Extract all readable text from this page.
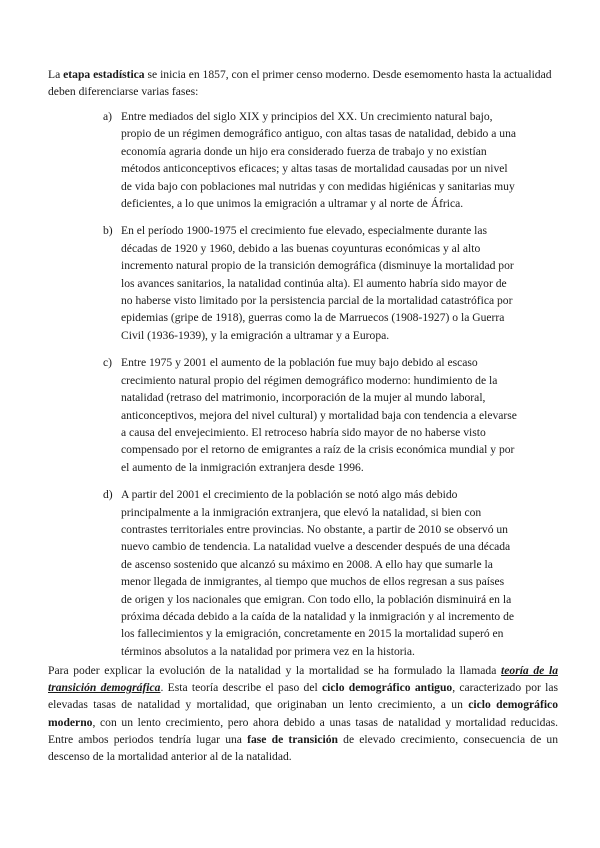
La etapa estadística se inicia en 1857, con el primer censo moderno. Desde esemomento hasta la actualidad deben diferenciarse varias fases:

a) Entre mediados del siglo XIX y principios del XX. Un crecimiento natural bajo, propio de un régimen demográfico antiguo, con altas tasas de natalidad, debido a una economía agraria donde un hijo era considerado fuerza de trabajo y no existían métodos anticonceptivos eficaces; y altas tasas de mortalidad causadas por un nivel de vida bajo con poblaciones mal nutridas y con medidas higiénicas y sanitarias muy deficientes, a lo que unimos la emigración a ultramar y al norte de África.

b) En el período 1900-1975 el crecimiento fue elevado, especialmente durante las décadas de 1920 y 1960, debido a las buenas coyunturas económicas y al alto incremento natural propio de la transición demográfica (disminuye la mortalidad por los avances sanitarios, la natalidad continúa alta). El aumento habría sido mayor de no haberse visto limitado por la persistencia parcial de la mortalidad catastrófica por epidemias (gripe de 1918), guerras como la de Marruecos (1908-1927) o la Guerra Civil (1936-1939), y la emigración a ultramar y a Europa.

c) Entre 1975 y 2001 el aumento de la población fue muy bajo debido al escaso crecimiento natural propio del régimen demográfico moderno: hundimiento de la natalidad (retraso del matrimonio, incorporación de la mujer al mundo laboral, anticonceptivos, mejora del nivel cultural) y mortalidad baja con tendencia a elevarse a causa del envejecimiento. El retroceso habría sido mayor de no haberse visto compensado por el retorno de emigrantes a raíz de la crisis económica mundial y por el aumento de la inmigración extranjera desde 1996.

d) A partir del 2001 el crecimiento de la población se notó algo más debido principalmente a la inmigración extranjera, que elevó la natalidad, si bien con contrastes territoriales entre provincias. No obstante, a partir de 2010 se observó un nuevo cambio de tendencia. La natalidad vuelve a descender después de una década de ascenso sostenido que alcanzó su máximo en 2008. A ello hay que sumarle la menor llegada de inmigrantes, al tiempo que muchos de ellos regresan a sus países de origen y los nacionales que emigran. Con todo ello, la población disminuirá en la próxima década debido a la caída de la natalidad y la inmigración y al incremento de los fallecimientos y la emigración, concretamente en 2015 la mortalidad superó en términos absolutos a la natalidad por primera vez en la historia.

Para poder explicar la evolución de la natalidad y la mortalidad se ha formulado la llamada teoría de la transición demográfica. Esta teoría describe el paso del ciclo demográfico antiguo, caracterizado por las elevadas tasas de natalidad y mortalidad, que originaban un lento crecimiento, a un ciclo demográfico moderno, con un lento crecimiento, pero ahora debido a unas tasas de natalidad y mortalidad reducidas. Entre ambos periodos tendría lugar una fase de transición de elevado crecimiento, consecuencia de un descenso de la mortalidad anterior al de la natalidad.
